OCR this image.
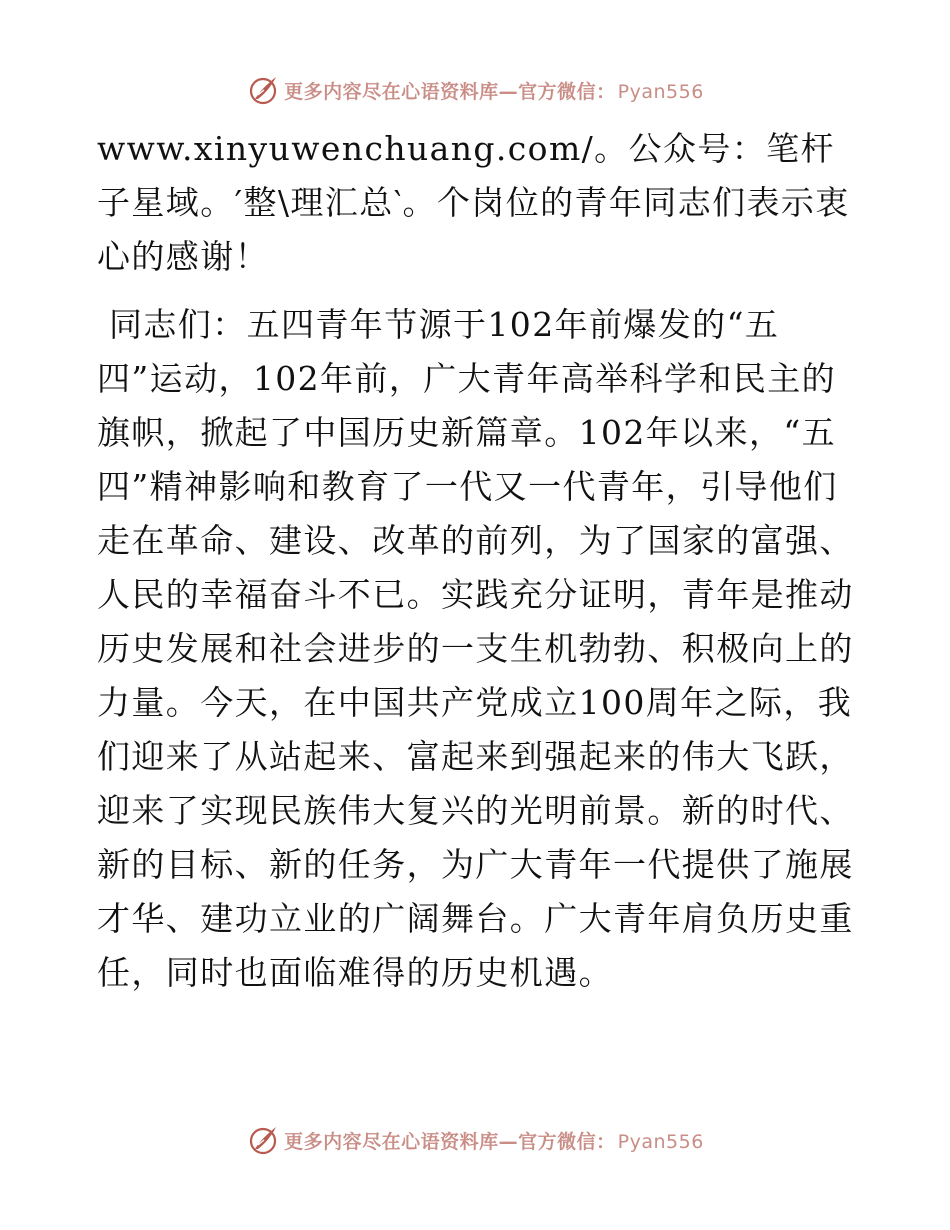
更多内容尽在心语资料库—官方微信： Pyan556

www.xinyuwenchuang.com/。公众号：笔杆子星域。′整\理汇总‵。个岗位的青年同志们表示衷心的感谢！

同志们：五四青年节源于102年前爆发的“五四”运动，102年前，广大青年高举科学和民主的旗帜，掀起了中国历史新篇章。102年以来，“五四”精神影响和教育了一代又一代青年，引导他们走在革命、建设、改革的前列，为了国家的富强、人民的幸福奋斗不已。实践充分证明，青年是推动历史发展和社会进步的一支生机勃勃、积极向上的力量。今天，在中国共产党成立100周年之际，我们迎来了从站起来、富起来到强起来的伟大飞跃，迎来了实现民族伟大复兴的光明前景。新的时代、新的目标、新的任务，为广大青年一代提供了施展才华、建功立业的广阔舞台。广大青年肩负历史重任，同时也面临难得的历史机遇。

更多内容尽在心语资料库—官方微信： Pyan556
